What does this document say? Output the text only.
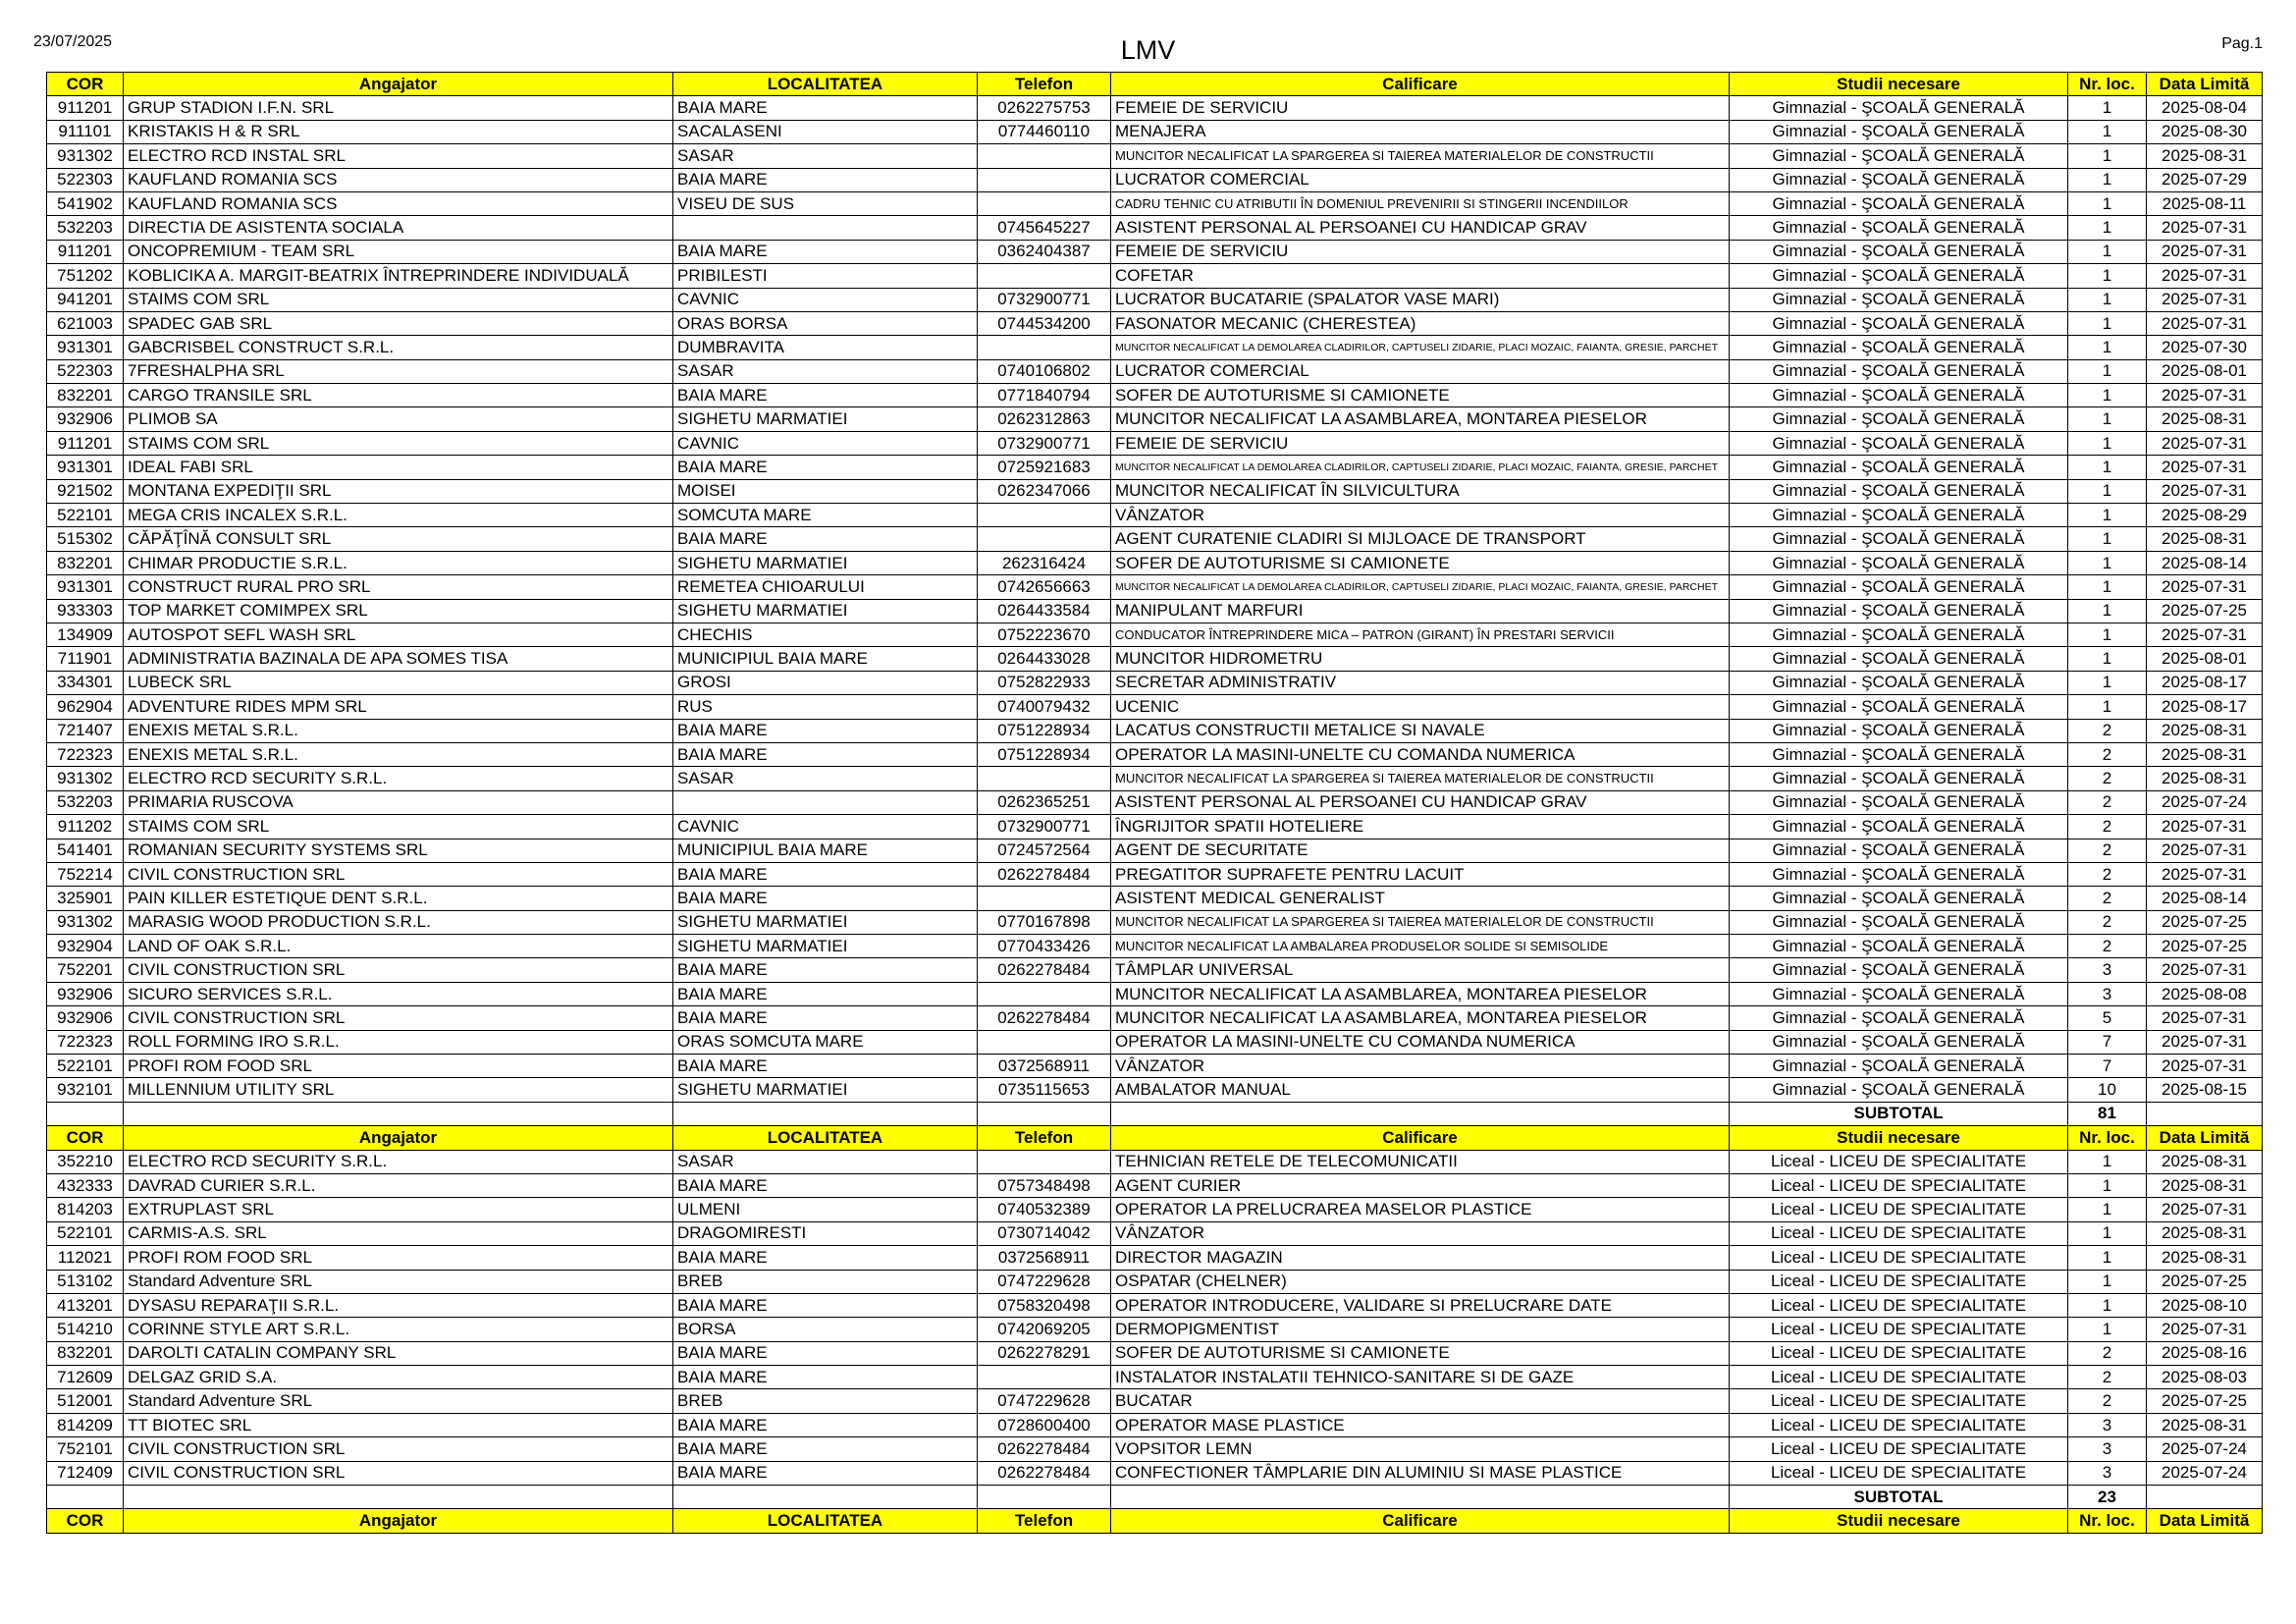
23/07/2025	LMV	Pag.1
COR	Angajator	LOCALITATEA	Telefon	Calificare	Studii necesare	Nr. loc.	Data Limită
911201	GRUP STADION I.F.N. SRL	BAIA MARE	0262275753	FEMEIE DE SERVICIU	Gimnazial - ŞCOALĂ GENERALĂ	1	2025-08-04
911101	KRISTAKIS H & R SRL	SACALASENI	0774460110	MENAJERA	Gimnazial - ŞCOALĂ GENERALĂ	1	2025-08-30
931302	ELECTRO RCD INSTAL SRL	SASAR		MUNCITOR NECALIFICAT LA SPARGEREA SI TAIEREA MATERIALELOR DE CONSTRUCTII	Gimnazial - ŞCOALĂ GENERALĂ	1	2025-08-31
522303	KAUFLAND ROMANIA SCS	BAIA MARE		LUCRATOR COMERCIAL	Gimnazial - ŞCOALĂ GENERALĂ	1	2025-07-29
541902	KAUFLAND ROMANIA SCS	VISEU DE SUS		CADRU TEHNIC CU ATRIBUTII ÎN DOMENIUL PREVENIRII SI STINGERII INCENDIILOR	Gimnazial - ŞCOALĂ GENERALĂ	1	2025-08-11
532203	DIRECTIA DE ASISTENTA SOCIALA		0745645227	ASISTENT PERSONAL AL PERSOANEI CU HANDICAP GRAV	Gimnazial - ŞCOALĂ GENERALĂ	1	2025-07-31
911201	ONCOPREMIUM - TEAM SRL	BAIA MARE	0362404387	FEMEIE DE SERVICIU	Gimnazial - ŞCOALĂ GENERALĂ	1	2025-07-31
751202	KOBLICIKA A. MARGIT-BEATRIX ÎNTREPRINDERE INDIVIDUALĂ	PRIBILESTI		COFETAR	Gimnazial - ŞCOALĂ GENERALĂ	1	2025-07-31
941201	STAIMS COM SRL	CAVNIC	0732900771	LUCRATOR BUCATARIE (SPALATOR VASE MARI)	Gimnazial - ŞCOALĂ GENERALĂ	1	2025-07-31
621003	SPADEC GAB SRL	ORAS BORSA	0744534200	FASONATOR MECANIC (CHERESTEA)	Gimnazial - ŞCOALĂ GENERALĂ	1	2025-07-31
931301	GABCRISBEL CONSTRUCT S.R.L.	DUMBRAVITA		MUNCITOR NECALIFICAT LA DEMOLAREA CLADIRILOR, CAPTUSELI ZIDARIE, PLACI MOZAIC, FAIANTA, GRESIE, PARCHET	Gimnazial - ŞCOALĂ GENERALĂ	1	2025-07-30
522303	7FRESHALPHA SRL	SASAR	0740106802	LUCRATOR COMERCIAL	Gimnazial - ŞCOALĂ GENERALĂ	1	2025-08-01
832201	CARGO TRANSILE SRL	BAIA MARE	0771840794	SOFER DE AUTOTURISME SI CAMIONETE	Gimnazial - ŞCOALĂ GENERALĂ	1	2025-07-31
932906	PLIMOB SA	SIGHETU MARMATIEI	0262312863	MUNCITOR NECALIFICAT LA ASAMBLAREA, MONTAREA PIESELOR	Gimnazial - ŞCOALĂ GENERALĂ	1	2025-08-31
911201	STAIMS COM SRL	CAVNIC	0732900771	FEMEIE DE SERVICIU	Gimnazial - ŞCOALĂ GENERALĂ	1	2025-07-31
931301	IDEAL FABI SRL	BAIA MARE	0725921683	MUNCITOR NECALIFICAT LA DEMOLAREA CLADIRILOR, CAPTUSELI ZIDARIE, PLACI MOZAIC, FAIANTA, GRESIE, PARCHET	Gimnazial - ŞCOALĂ GENERALĂ	1	2025-07-31
921502	MONTANA EXPEDIŢII SRL	MOISEI	0262347066	MUNCITOR NECALIFICAT ÎN SILVICULTURA	Gimnazial - ŞCOALĂ GENERALĂ	1	2025-07-31
522101	MEGA CRIS INCALEX S.R.L.	SOMCUTA MARE		VÂNZATOR	Gimnazial - ŞCOALĂ GENERALĂ	1	2025-08-29
515302	CĂPĂŢÎNĂ CONSULT SRL	BAIA MARE		AGENT CURATENIE CLADIRI SI MIJLOACE DE TRANSPORT	Gimnazial - ŞCOALĂ GENERALĂ	1	2025-08-31
832201	CHIMAR PRODUCTIE S.R.L.	SIGHETU MARMATIEI	262316424	SOFER DE AUTOTURISME SI CAMIONETE	Gimnazial - ŞCOALĂ GENERALĂ	1	2025-08-14
931301	CONSTRUCT RURAL PRO SRL	REMETEA CHIOARULUI	0742656663	MUNCITOR NECALIFICAT LA DEMOLAREA CLADIRILOR, CAPTUSELI ZIDARIE, PLACI MOZAIC, FAIANTA, GRESIE, PARCHET	Gimnazial - ŞCOALĂ GENERALĂ	1	2025-07-31
933303	TOP MARKET COMIMPEX SRL	SIGHETU MARMATIEI	0264433584	MANIPULANT MARFURI	Gimnazial - ŞCOALĂ GENERALĂ	1	2025-07-25
134909	AUTOSPOT SEFL WASH SRL	CHECHIS	0752223670	CONDUCATOR ÎNTREPRINDERE MICA – PATRON (GIRANT) ÎN PRESTARI SERVICII	Gimnazial - ŞCOALĂ GENERALĂ	1	2025-07-31
711901	ADMINISTRATIA BAZINALA DE APA SOMES TISA	MUNICIPIUL BAIA MARE	0264433028	MUNCITOR HIDROMETRU	Gimnazial - ŞCOALĂ GENERALĂ	1	2025-08-01
334301	LUBECK SRL	GROSI	0752822933	SECRETAR ADMINISTRATIV	Gimnazial - ŞCOALĂ GENERALĂ	1	2025-08-17
962904	ADVENTURE RIDES MPM SRL	RUS	0740079432	UCENIC	Gimnazial - ŞCOALĂ GENERALĂ	1	2025-08-17
721407	ENEXIS METAL S.R.L.	BAIA MARE	0751228934	LACATUS CONSTRUCTII METALICE SI NAVALE	Gimnazial - ŞCOALĂ GENERALĂ	2	2025-08-31
722323	ENEXIS METAL S.R.L.	BAIA MARE	0751228934	OPERATOR LA MASINI-UNELTE CU COMANDA NUMERICA	Gimnazial - ŞCOALĂ GENERALĂ	2	2025-08-31
931302	ELECTRO RCD SECURITY S.R.L.	SASAR		MUNCITOR NECALIFICAT LA SPARGEREA SI TAIEREA MATERIALELOR DE CONSTRUCTII	Gimnazial - ŞCOALĂ GENERALĂ	2	2025-08-31
532203	PRIMARIA RUSCOVA		0262365251	ASISTENT PERSONAL AL PERSOANEI CU HANDICAP GRAV	Gimnazial - ŞCOALĂ GENERALĂ	2	2025-07-24
911202	STAIMS COM SRL	CAVNIC	0732900771	ÎNGRIJITOR SPATII HOTELIERE	Gimnazial - ŞCOALĂ GENERALĂ	2	2025-07-31
541401	ROMANIAN SECURITY SYSTEMS SRL	MUNICIPIUL BAIA MARE	0724572564	AGENT DE SECURITATE	Gimnazial - ŞCOALĂ GENERALĂ	2	2025-07-31
752214	CIVIL CONSTRUCTION SRL	BAIA MARE	0262278484	PREGATITOR SUPRAFETE PENTRU LACUIT	Gimnazial - ŞCOALĂ GENERALĂ	2	2025-07-31
325901	PAIN KILLER ESTETIQUE DENT S.R.L.	BAIA MARE		ASISTENT MEDICAL GENERALIST	Gimnazial - ŞCOALĂ GENERALĂ	2	2025-08-14
931302	MARASIG WOOD PRODUCTION S.R.L.	SIGHETU MARMATIEI	0770167898	MUNCITOR NECALIFICAT LA SPARGEREA SI TAIEREA MATERIALELOR DE CONSTRUCTII	Gimnazial - ŞCOALĂ GENERALĂ	2	2025-07-25
932904	LAND OF OAK S.R.L.	SIGHETU MARMATIEI	0770433426	MUNCITOR NECALIFICAT LA AMBALAREA PRODUSELOR SOLIDE SI SEMISOLIDE	Gimnazial - ŞCOALĂ GENERALĂ	2	2025-07-25
752201	CIVIL CONSTRUCTION SRL	BAIA MARE	0262278484	TÂMPLAR UNIVERSAL	Gimnazial - ŞCOALĂ GENERALĂ	3	2025-07-31
932906	SICURO SERVICES S.R.L.	BAIA MARE		MUNCITOR NECALIFICAT LA ASAMBLAREA, MONTAREA PIESELOR	Gimnazial - ŞCOALĂ GENERALĂ	3	2025-08-08
932906	CIVIL CONSTRUCTION SRL	BAIA MARE	0262278484	MUNCITOR NECALIFICAT LA ASAMBLAREA, MONTAREA PIESELOR	Gimnazial - ŞCOALĂ GENERALĂ	5	2025-07-31
722323	ROLL FORMING IRO S.R.L.	ORAS SOMCUTA MARE		OPERATOR LA MASINI-UNELTE CU COMANDA NUMERICA	Gimnazial - ŞCOALĂ GENERALĂ	7	2025-07-31
522101	PROFI ROM FOOD SRL	BAIA MARE	0372568911	VÂNZATOR	Gimnazial - ŞCOALĂ GENERALĂ	7	2025-07-31
932101	MILLENNIUM UTILITY SRL	SIGHETU MARMATIEI	0735115653	AMBALATOR MANUAL	Gimnazial - ŞCOALĂ GENERALĂ	10	2025-08-15
					SUBTOTAL	81	
COR	Angajator	LOCALITATEA	Telefon	Calificare	Studii necesare	Nr. loc.	Data Limită
352210	ELECTRO RCD SECURITY S.R.L.	SASAR		TEHNICIAN RETELE DE TELECOMUNICATII	Liceal - LICEU DE SPECIALITATE	1	2025-08-31
432333	DAVRAD CURIER S.R.L.	BAIA MARE	0757348498	AGENT CURIER	Liceal - LICEU DE SPECIALITATE	1	2025-08-31
814203	EXTRUPLAST SRL	ULMENI	0740532389	OPERATOR LA PRELUCRAREA MASELOR PLASTICE	Liceal - LICEU DE SPECIALITATE	1	2025-07-31
522101	CARMIS-A.S. SRL	DRAGOMIRESTI	0730714042	VÂNZATOR	Liceal - LICEU DE SPECIALITATE	1	2025-08-31
112021	PROFI ROM FOOD SRL	BAIA MARE	0372568911	DIRECTOR MAGAZIN	Liceal - LICEU DE SPECIALITATE	1	2025-08-31
513102	Standard Adventure SRL	BREB	0747229628	OSPATAR (CHELNER)	Liceal - LICEU DE SPECIALITATE	1	2025-07-25
413201	DYSASU REPARAŢII S.R.L.	BAIA MARE	0758320498	OPERATOR INTRODUCERE, VALIDARE SI PRELUCRARE DATE	Liceal - LICEU DE SPECIALITATE	1	2025-08-10
514210	CORINNE STYLE ART S.R.L.	BORSA	0742069205	DERMOPIGMENTIST	Liceal - LICEU DE SPECIALITATE	1	2025-07-31
832201	DAROLTI CATALIN COMPANY SRL	BAIA MARE	0262278291	SOFER DE AUTOTURISME SI CAMIONETE	Liceal - LICEU DE SPECIALITATE	2	2025-08-16
712609	DELGAZ GRID S.A.	BAIA MARE		INSTALATOR INSTALATII TEHNICO-SANITARE SI DE GAZE	Liceal - LICEU DE SPECIALITATE	2	2025-08-03
512001	Standard Adventure SRL	BREB	0747229628	BUCATAR	Liceal - LICEU DE SPECIALITATE	2	2025-07-25
814209	TT BIOTEC SRL	BAIA MARE	0728600400	OPERATOR MASE PLASTICE	Liceal - LICEU DE SPECIALITATE	3	2025-08-31
752101	CIVIL CONSTRUCTION SRL	BAIA MARE	0262278484	VOPSITOR LEMN	Liceal - LICEU DE SPECIALITATE	3	2025-07-24
712409	CIVIL CONSTRUCTION SRL	BAIA MARE	0262278484	CONFECTIONER TÂMPLARIE DIN ALUMINIU SI MASE PLASTICE	Liceal - LICEU DE SPECIALITATE	3	2025-07-24
					SUBTOTAL	23	
COR	Angajator	LOCALITATEA	Telefon	Calificare	Studii necesare	Nr. loc.	Data Limită
